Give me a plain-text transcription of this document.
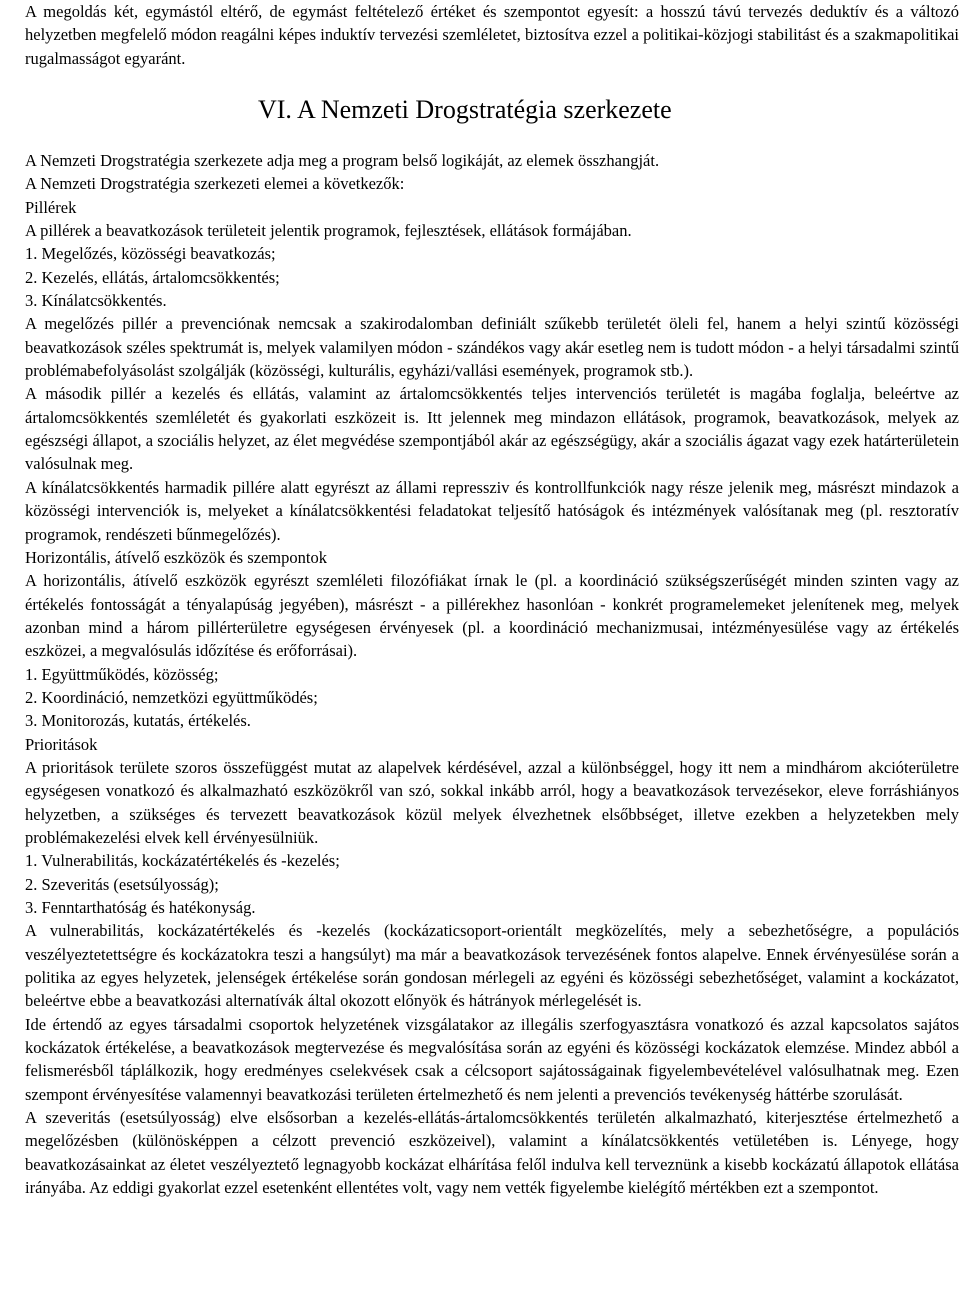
A megoldás két, egymástól eltérő, de egymást feltételező értéket és szempontot egyesít: a hosszú távú tervezés deduktív és a változó helyzetben megfelelő módon reagálni képes induktív tervezési szemléletet, biztosítva ezzel a politikai-közjogi stabilitást és a szakmapolitikai rugalmasságot egyaránt.

VI. A Nemzeti Drogstratégia szerkezete

A Nemzeti Drogstratégia szerkezete adja meg a program belső logikáját, az elemek összhangját.

A Nemzeti Drogstratégia szerkezeti elemei a következők:

Pillérek

A pillérek a beavatkozások területeit jelentik programok, fejlesztések, ellátások formájában.

1. Megelőzés, közösségi beavatkozás;

2. Kezelés, ellátás, ártalomcsökkentés;

3. Kínálatcsökkentés.

A megelőzés pillér a prevenciónak nemcsak a szakirodalomban definiált szűkebb területét öleli fel, hanem a helyi szintű közösségi beavatkozások széles spektrumát is, melyek valamilyen módon - szándékos vagy akár esetleg nem is tudott módon - a helyi társadalmi szintű problémabefolyásolást szolgálják (közösségi, kulturális, egyházi/vallási események, programok stb.).

A második pillér a kezelés és ellátás, valamint az ártalomcsökkentés teljes intervenciós területét is magába foglalja, beleértve az ártalomcsökkentés szemléletét és gyakorlati eszközeit is. Itt jelennek meg mindazon ellátások, programok, beavatkozások, melyek az egészségi állapot, a szociális helyzet, az élet megvédése szempontjából akár az egészségügy, akár a szociális ágazat vagy ezek határterületein valósulnak meg.

A kínálatcsökkentés harmadik pillére alatt egyrészt az állami repressziv és kontrollfunkciók nagy része jelenik meg, másrészt mindazok a közösségi intervenciók is, melyeket a kínálatcsökkentési feladatokat teljesítő hatóságok és intézmények valósítanak meg (pl. resztoratív programok, rendészeti bűnmegelőzés).

Horizontális, átívelő eszközök és szempontok

A horizontális, átívelő eszközök egyrészt szemléleti filozófiákat írnak le (pl. a koordináció szükségszerűségét minden szinten vagy az értékelés fontosságát a tényalapúság jegyében), másrészt - a pillérekhez hasonlóan - konkrét programelemeket jelenítenek meg, melyek azonban mind a három pillérterületre egységesen érvényesek (pl. a koordináció mechanizmusai, intézményesülése vagy az értékelés eszközei, a megvalósulás időzítése és erőforrásai).

1. Együttműködés, közösség;

2. Koordináció, nemzetközi együttműködés;

3. Monitorozás, kutatás, értékelés.

Prioritások

A prioritások területe szoros összefüggést mutat az alapelvek kérdésével, azzal a különbséggel, hogy itt nem a mindhárom akcióterületre egységesen vonatkozó és alkalmazható eszközökről van szó, sokkal inkább arról, hogy a beavatkozások tervezésekor, eleve forráshiányos helyzetben, a szükséges és tervezett beavatkozások közül melyek élvezhetnek elsőbbséget, illetve ezekben a helyzetekben mely problémakezelési elvek kell érvényesülniük.

1. Vulnerabilitás, kockázatértékelés és -kezelés;

2. Szeveritás (esetsúlyosság);

3. Fenntarthatóság és hatékonyság.

A vulnerabilitás, kockázatértékelés és -kezelés (kockázaticsoport-orientált megközelítés, mely a sebezhetőségre, a populációs veszélyeztetettségre és kockázatokra teszi a hangsúlyt) ma már a beavatkozások tervezésének fontos alapelve. Ennek érvényesülése során a politika az egyes helyzetek, jelenségek értékelése során gondosan mérlegeli az egyéni és közösségi sebezhetőséget, valamint a kockázatot, beleértve ebbe a beavatkozási alternatívák által okozott előnyök és hátrányok mérlegelését is.

Ide értendő az egyes társadalmi csoportok helyzetének vizsgálatakor az illegális szerfogyasztásra vonatkozó és azzal kapcsolatos sajátos kockázatok értékelése, a beavatkozások megtervezése és megvalósítása során az egyéni és közösségi kockázatok elemzése. Mindez abból a felismerésből táplálkozik, hogy eredményes cselekvések csak a célcsoport sajátosságainak figyelembevételével valósulhatnak meg. Ezen szempont érvényesítése valamennyi beavatkozási területen értelmezhető és nem jelenti a prevenciós tevékenység háttérbe szorulását.

A szeveritás (esetsúlyosság) elve elsősorban a kezelés-ellátás-ártalomcsökkentés területén alkalmazható, kiterjesztése értelmezhető a megelőzésben (különösképpen a célzott prevenció eszközeivel), valamint a kínálatcsökkentés vetületében is. Lényege, hogy beavatkozásainkat az életet veszélyeztető legnagyobb kockázat elhárítása felől indulva kell terveznünk a kisebb kockázatú állapotok ellátása irányába. Az eddigi gyakorlat ezzel esetenként ellentétes volt, vagy nem vették figyelembe kielégítő mértékben ezt a szempontot.
